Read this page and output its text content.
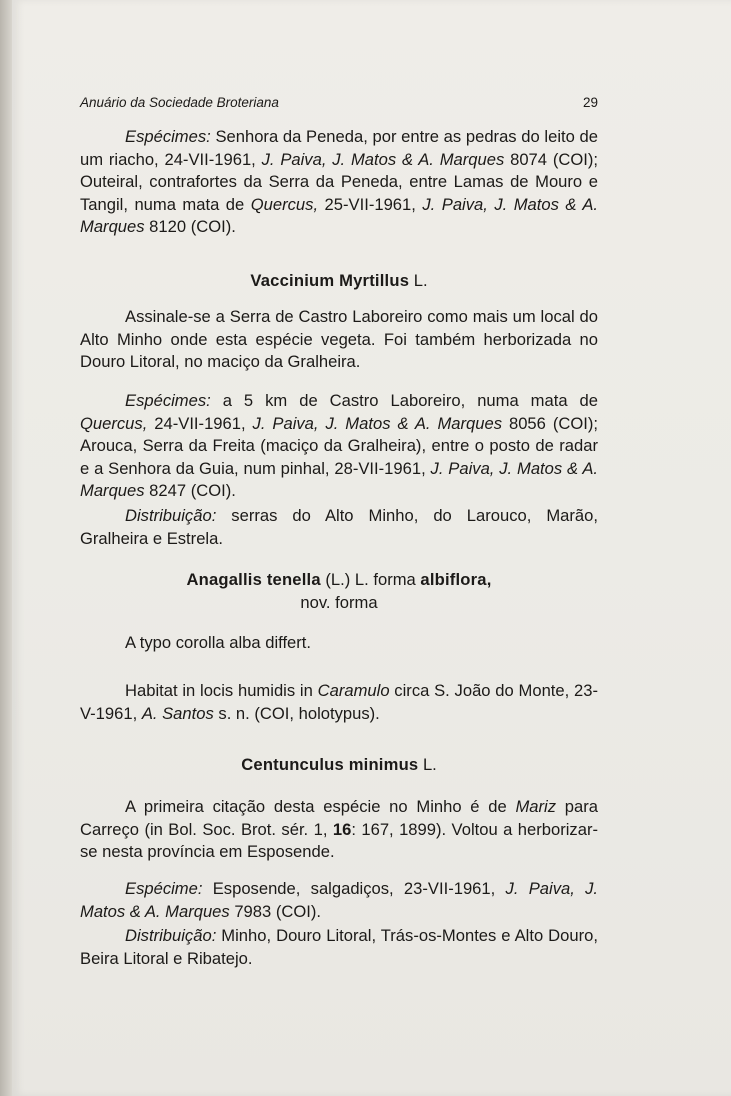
Anuário da Sociedade Broteriana	29

Espécimes: Senhora da Peneda, por entre as pedras do leito de um riacho, 24-VII-1961, J. Paiva, J. Matos & A. Marques 8074 (COI); Outeiral, contrafortes da Serra da Peneda, entre Lamas de Mouro e Tangil, numa mata de Quercus, 25-VII-1961, J. Paiva, J. Matos & A. Marques 8120 (COI).

Vaccinium Myrtillus L.

Assinale-se a Serra de Castro Laboreiro como mais um local do Alto Minho onde esta espécie vegeta. Foi também herborizada no Douro Litoral, no maciço da Gralheira.

Espécimes: a 5 km de Castro Laboreiro, numa mata de Quercus, 24-VII-1961, J. Paiva, J. Matos & A. Marques 8056 (COI); Arouca, Serra da Freita (maciço da Gralheira), entre o posto de radar e a Senhora da Guia, num pinhal, 28-VII-1961, J. Paiva, J. Matos & A. Marques 8247 (COI).

Distribuição: serras do Alto Minho, do Larouco, Marão, Gralheira e Estrela.

Anagallis tenella (L.) L. forma albiflora,
nov. forma

A typo corolla alba differt.

Habitat in locis humidis in Caramulo circa S. João do Monte, 23-V-1961, A. Santos s. n. (COI, holotypus).

Centunculus minimus L.

A primeira citação desta espécie no Minho é de Mariz para Carreço (in Bol. Soc. Brot. sér. 1, 16: 167, 1899). Voltou a herborizar-se nesta província em Esposende.

Espécime: Esposende, salgadiços, 23-VII-1961, J. Paiva, J. Matos & A. Marques 7983 (COI).

Distribuição: Minho, Douro Litoral, Trás-os-Montes e Alto Douro, Beira Litoral e Ribatejo.
